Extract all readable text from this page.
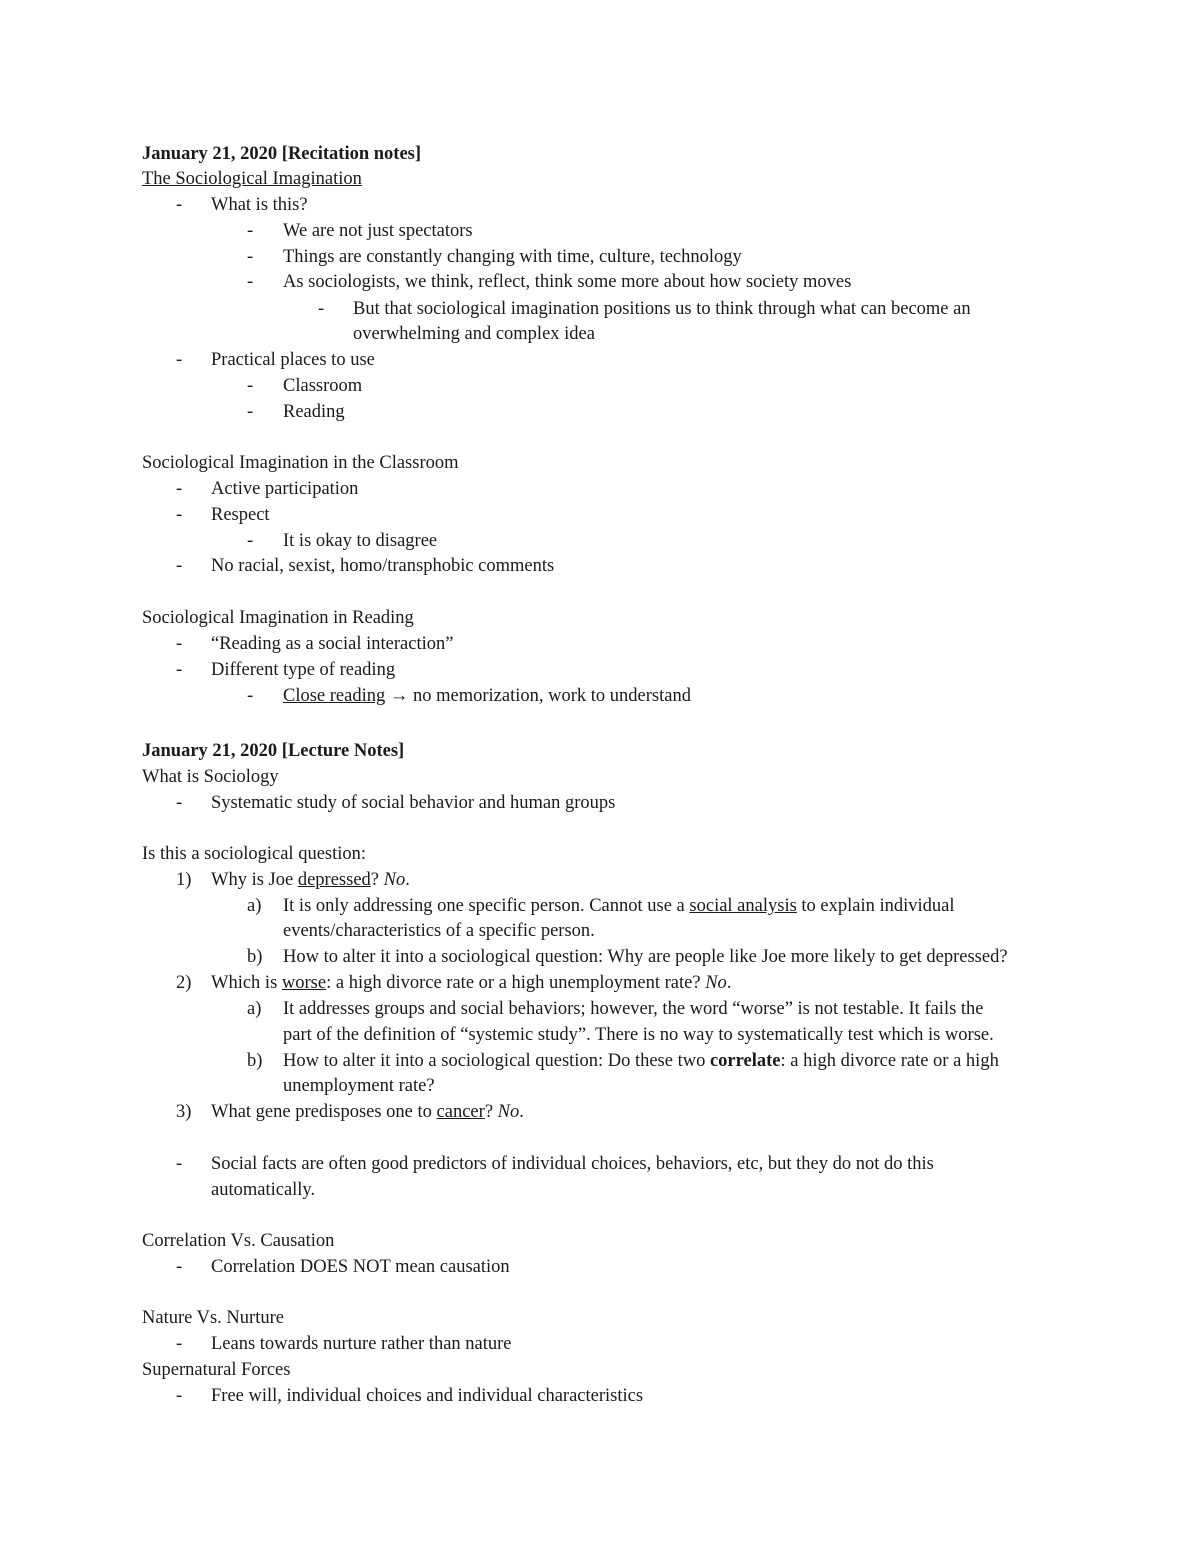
January 21, 2020 [Recitation notes]
The Sociological Imagination
- What is this?
- We are not just spectators
- Things are constantly changing with time, culture, technology
- As sociologists, we think, reflect, think some more about how society moves
- But that sociological imagination positions us to think through what can become an
overwhelming and complex idea
- Practical places to use
- Classroom
- Reading
Sociological Imagination in the Classroom
- Active participation
- Respect
- It is okay to disagree
- No racial, sexist, homo/transphobic comments
Sociological Imagination in Reading
- “Reading as a social interaction”
- Different type of reading
- Close reading → no memorization, work to understand
January 21, 2020 [Lecture Notes]
What is Sociology
- Systematic study of social behavior and human groups
Is this a sociological question:
1) Why is Joe depressed? No.
a) It is only addressing one specific person. Cannot use a social analysis to explain individual
events/characteristics of a specific person.
b) How to alter it into a sociological question: Why are people like Joe more likely to get depressed?
2) Which is worse: a high divorce rate or a high unemployment rate? No.
a) It addresses groups and social behaviors; however, the word “worse” is not testable. It fails the
part of the definition of “systemic study”. There is no way to systematically test which is worse.
b) How to alter it into a sociological question: Do these two correlate: a high divorce rate or a high
unemployment rate?
3) What gene predisposes one to cancer? No.
- Social facts are often good predictors of individual choices, behaviors, etc, but they do not do this
automatically.
Correlation Vs. Causation
- Correlation DOES NOT mean causation
Nature Vs. Nurture
- Leans towards nurture rather than nature
Supernatural Forces
- Free will, individual choices and individual characteristics
